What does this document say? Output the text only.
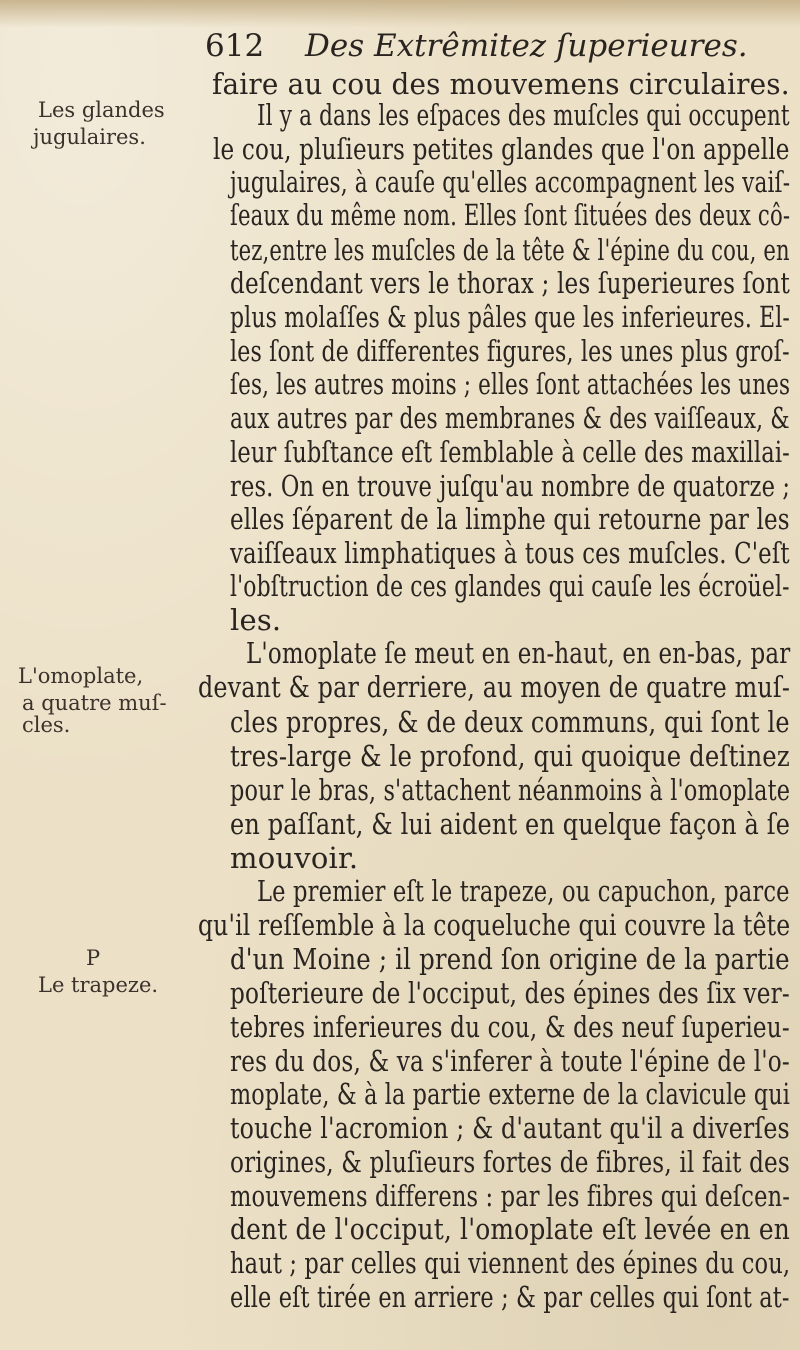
612 Des Extrêmitez ſuperieures.
Les glandes
jugulaires.
L'omoplate,
a quatre muſ-
cles.
P
Le trapeze.
faire au cou des mouvemens circulaires.
Il y a dans les eſpaces des muſcles qui occupent
le cou, pluſieurs petites glandes que l'on appelle
jugulaires, à cauſe qu'elles accompagnent les vaiſ-
ſeaux du même nom. Elles ſont ſituées des deux cô-
tez,entre les muſcles de la tête & l'épine du cou, en
deſcendant vers le thorax ; les ſuperieures ſont
plus molaſſes & plus pâles que les inferieures. El-
les ſont de differentes figures, les unes plus groſ-
ſes, les autres moins ; elles ſont attachées les unes
aux autres par des membranes & des vaiſſeaux, &
leur ſubſtance eſt ſemblable à celle des maxillai-
res. On en trouve juſqu'au nombre de quatorze ;
elles ſéparent de la limphe qui retourne par les
vaiſſeaux limphatiques à tous ces muſcles. C'eſt
l'obſtruction de ces glandes qui cauſe les écroüel-
les.
L'omoplate ſe meut en en-haut, en en-bas, par
devant & par derriere, au moyen de quatre muſ-
cles propres, & de deux communs, qui ſont le
tres-large & le profond, qui quoique deſtinez
pour le bras, s'attachent néanmoins à l'omoplate
en paſſant, & lui aident en quelque façon à ſe
mouvoir.
Le premier eſt le trapeze, ou capuchon, parce
qu'il reſſemble à la coqueluche qui couvre la tête
d'un Moine ; il prend ſon origine de la partie
poſterieure de l'occiput, des épines des ſix ver-
tebres inferieures du cou, & des neuf ſuperieu-
res du dos, & va s'inferer à toute l'épine de l'o-
moplate, & à la partie externe de la clavicule qui
touche l'acromion ; & d'autant qu'il a diverſes
origines, & pluſieurs fortes de fibres, il fait des
mouvemens differens : par les fibres qui deſcen-
dent de l'occiput, l'omoplate eſt levée en en
haut ; par celles qui viennent des épines du cou,
elle eſt tirée en arriere ; & par celles qui ſont at-
